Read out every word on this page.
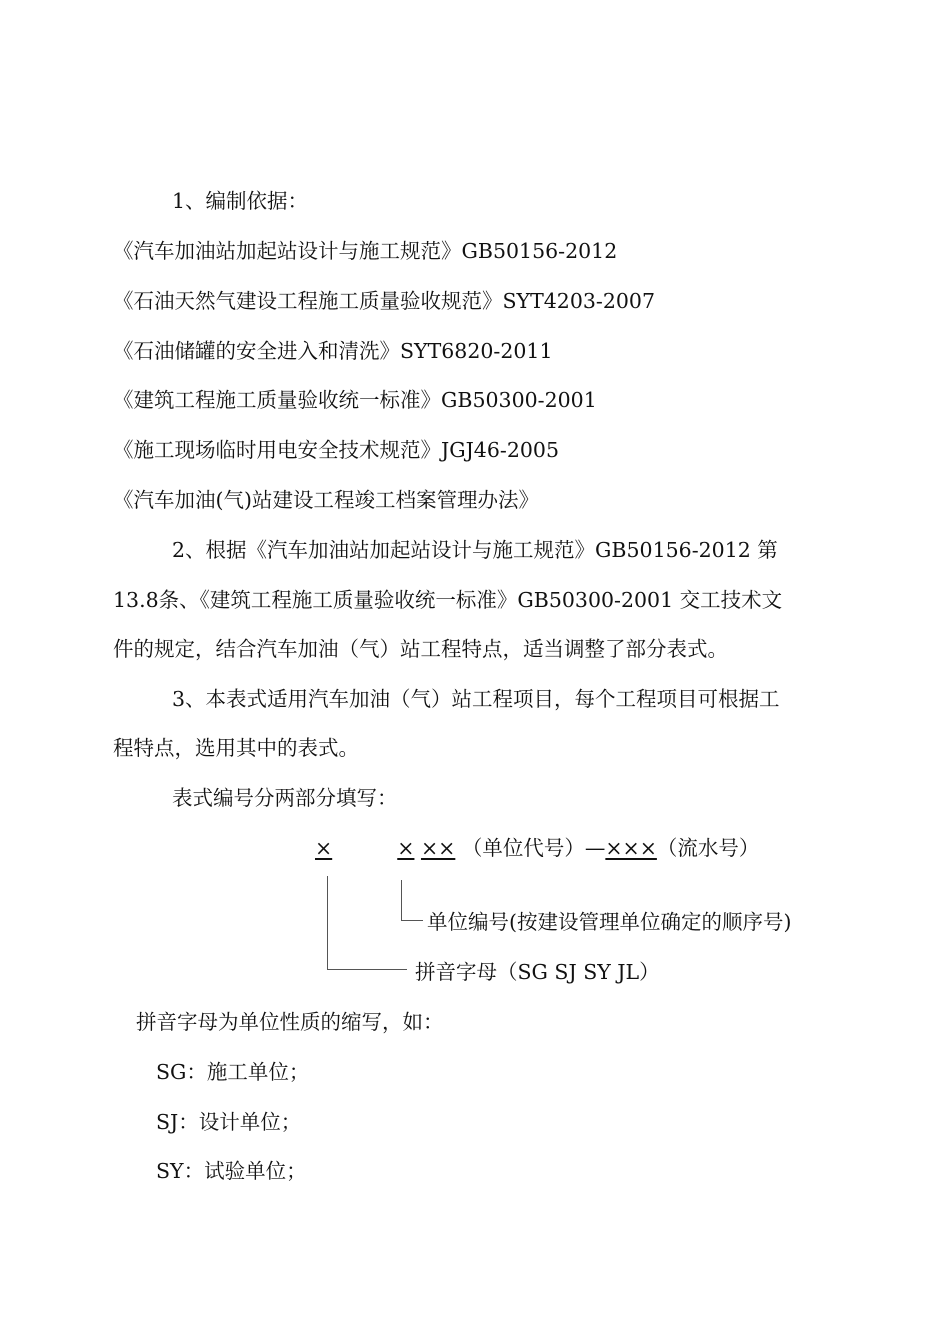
1、编制依据：
《汽车加油站加起站设计与施工规范》GB50156-2012
《石油天然气建设工程施工质量验收规范》SYT4203-2007
《石油储罐的安全进入和清洗》SYT6820-2011
《建筑工程施工质量验收统一标准》GB50300-2001
《施工现场临时用电安全技术规范》JGJ46-2005
《汽车加油(气)站建设工程竣工档案管理办法》
2、根据《汽车加油站加起站设计与施工规范》GB50156-2012 第
13.8条、《建筑工程施工质量验收统一标准》GB50300-2001 交工技术文
件的规定，结合汽车加油（气）站工程特点，适当调整了部分表式。
3、本表式适用汽车加油（气）站工程项目，每个工程项目可根据工
程特点，选用其中的表式。
表式编号分两部分填写：
×	× ×× （单位代号）—×××（流水号）
单位编号(按建设管理单位确定的顺序号)
拼音字母（SG SJ SY JL）
拼音字母为单位性质的缩写，如：
SG：施工单位；
SJ：设计单位；
SY：试验单位；
